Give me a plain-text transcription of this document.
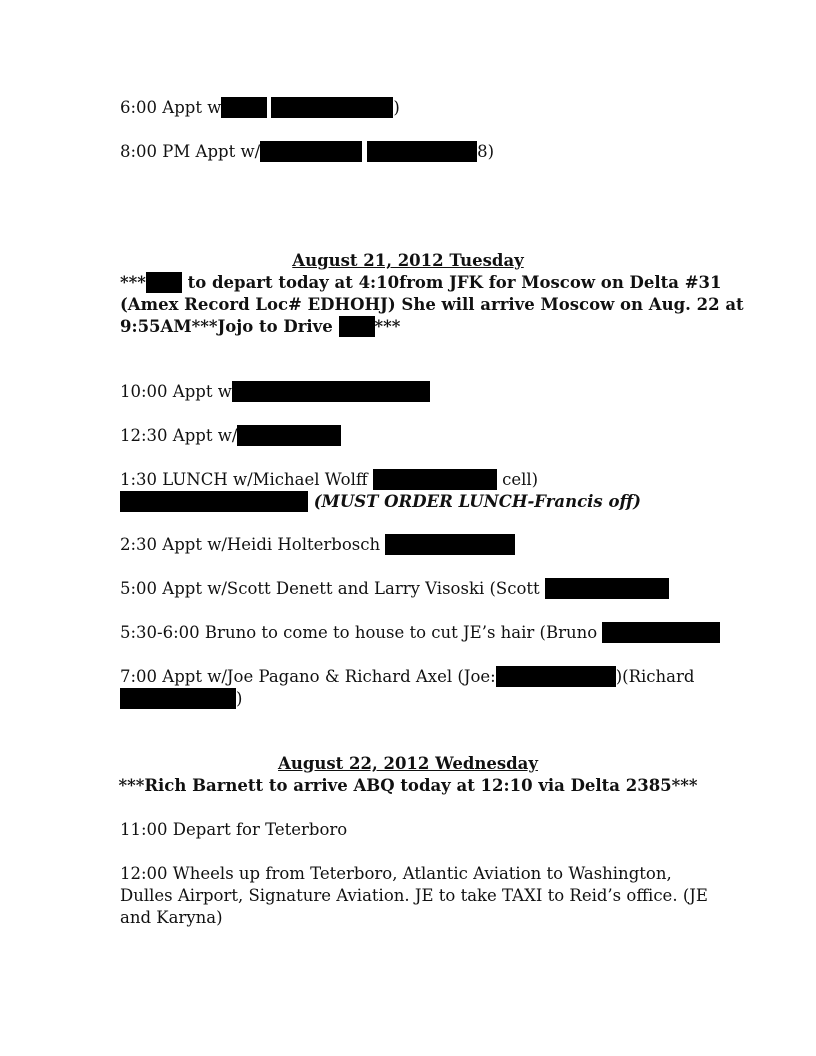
6:00 Appt w	)
8:00 PM Appt w/	8)
August 21, 2012 Tuesday
*** to depart today at 4:10from JFK for Moscow on Delta #31
(Amex Record Loc# EDHOHJ) She will arrive Moscow on Aug. 22 at
9:55AM***Jojo to Drive ***
10:00 Appt w
12:30 Appt w/
1:30 LUNCH w/Michael Wolff	cell)
(MUST ORDER LUNCH-Francis off)
2:30 Appt w/Heidi Holterbosch
5:00 Appt w/Scott Denett and Larry Visoski (Scott
5:30-6:00 Bruno to come to house to cut JE’s hair (Bruno
7:00 Appt w/Joe Pagano & Richard Axel (Joe:	)(Richard
)
August 22, 2012 Wednesday
***Rich Barnett to arrive ABQ today at 12:10 via Delta 2385***
11:00 Depart for Teterboro
12:00 Wheels up from Teterboro, Atlantic Aviation to Washington,
Dulles Airport, Signature Aviation. JE to take TAXI to Reid’s office. (JE
and Karyna)
